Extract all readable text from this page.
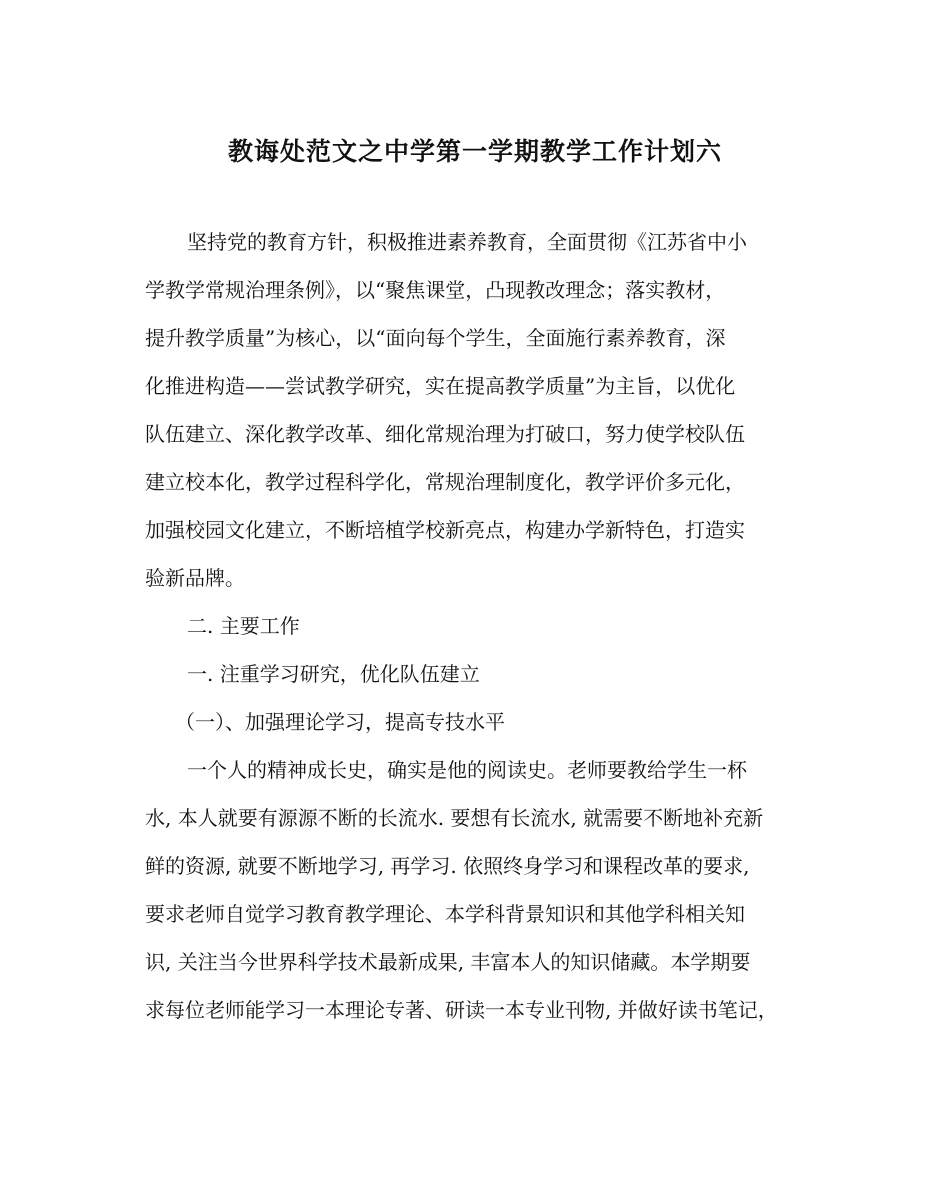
教诲处范文之中学第一学期教学工作计划六
坚持党的教育方针，积极推进素养教育，全面贯彻《江苏省中小
学教学常规治理条例》，以“聚焦课堂，凸现教改理念；落实教材，
提升教学质量”为核心，以“面向每个学生，全面施行素养教育，深
化推进构造——尝试教学研究，实在提高教学质量”为主旨，以优化
队伍建立、深化教学改革、细化常规治理为打破口，努力使学校队伍
建立校本化，教学过程科学化，常规治理制度化，教学评价多元化，
加强校园文化建立，不断培植学校新亮点，构建办学新特色，打造实
验新品牌。
二. 主要工作
一. 注重学习研究，优化队伍建立
（一）、加强理论学习，提高专技水平
一个人的精神成长史，确实是他的阅读史。老师要教给学生一杯
水, 本人就要有源源不断的长流水. 要想有长流水, 就需要不断地补充新
鲜的资源, 就要不断地学习, 再学习. 依照终身学习和课程改革的要求,
要求老师自觉学习教育教学理论、本学科背景知识和其他学科相关知
识, 关注当今世界科学技术最新成果, 丰富本人的知识储藏。本学期要
求每位老师能学习一本理论专著、研读一本专业刊物, 并做好读书笔记，
